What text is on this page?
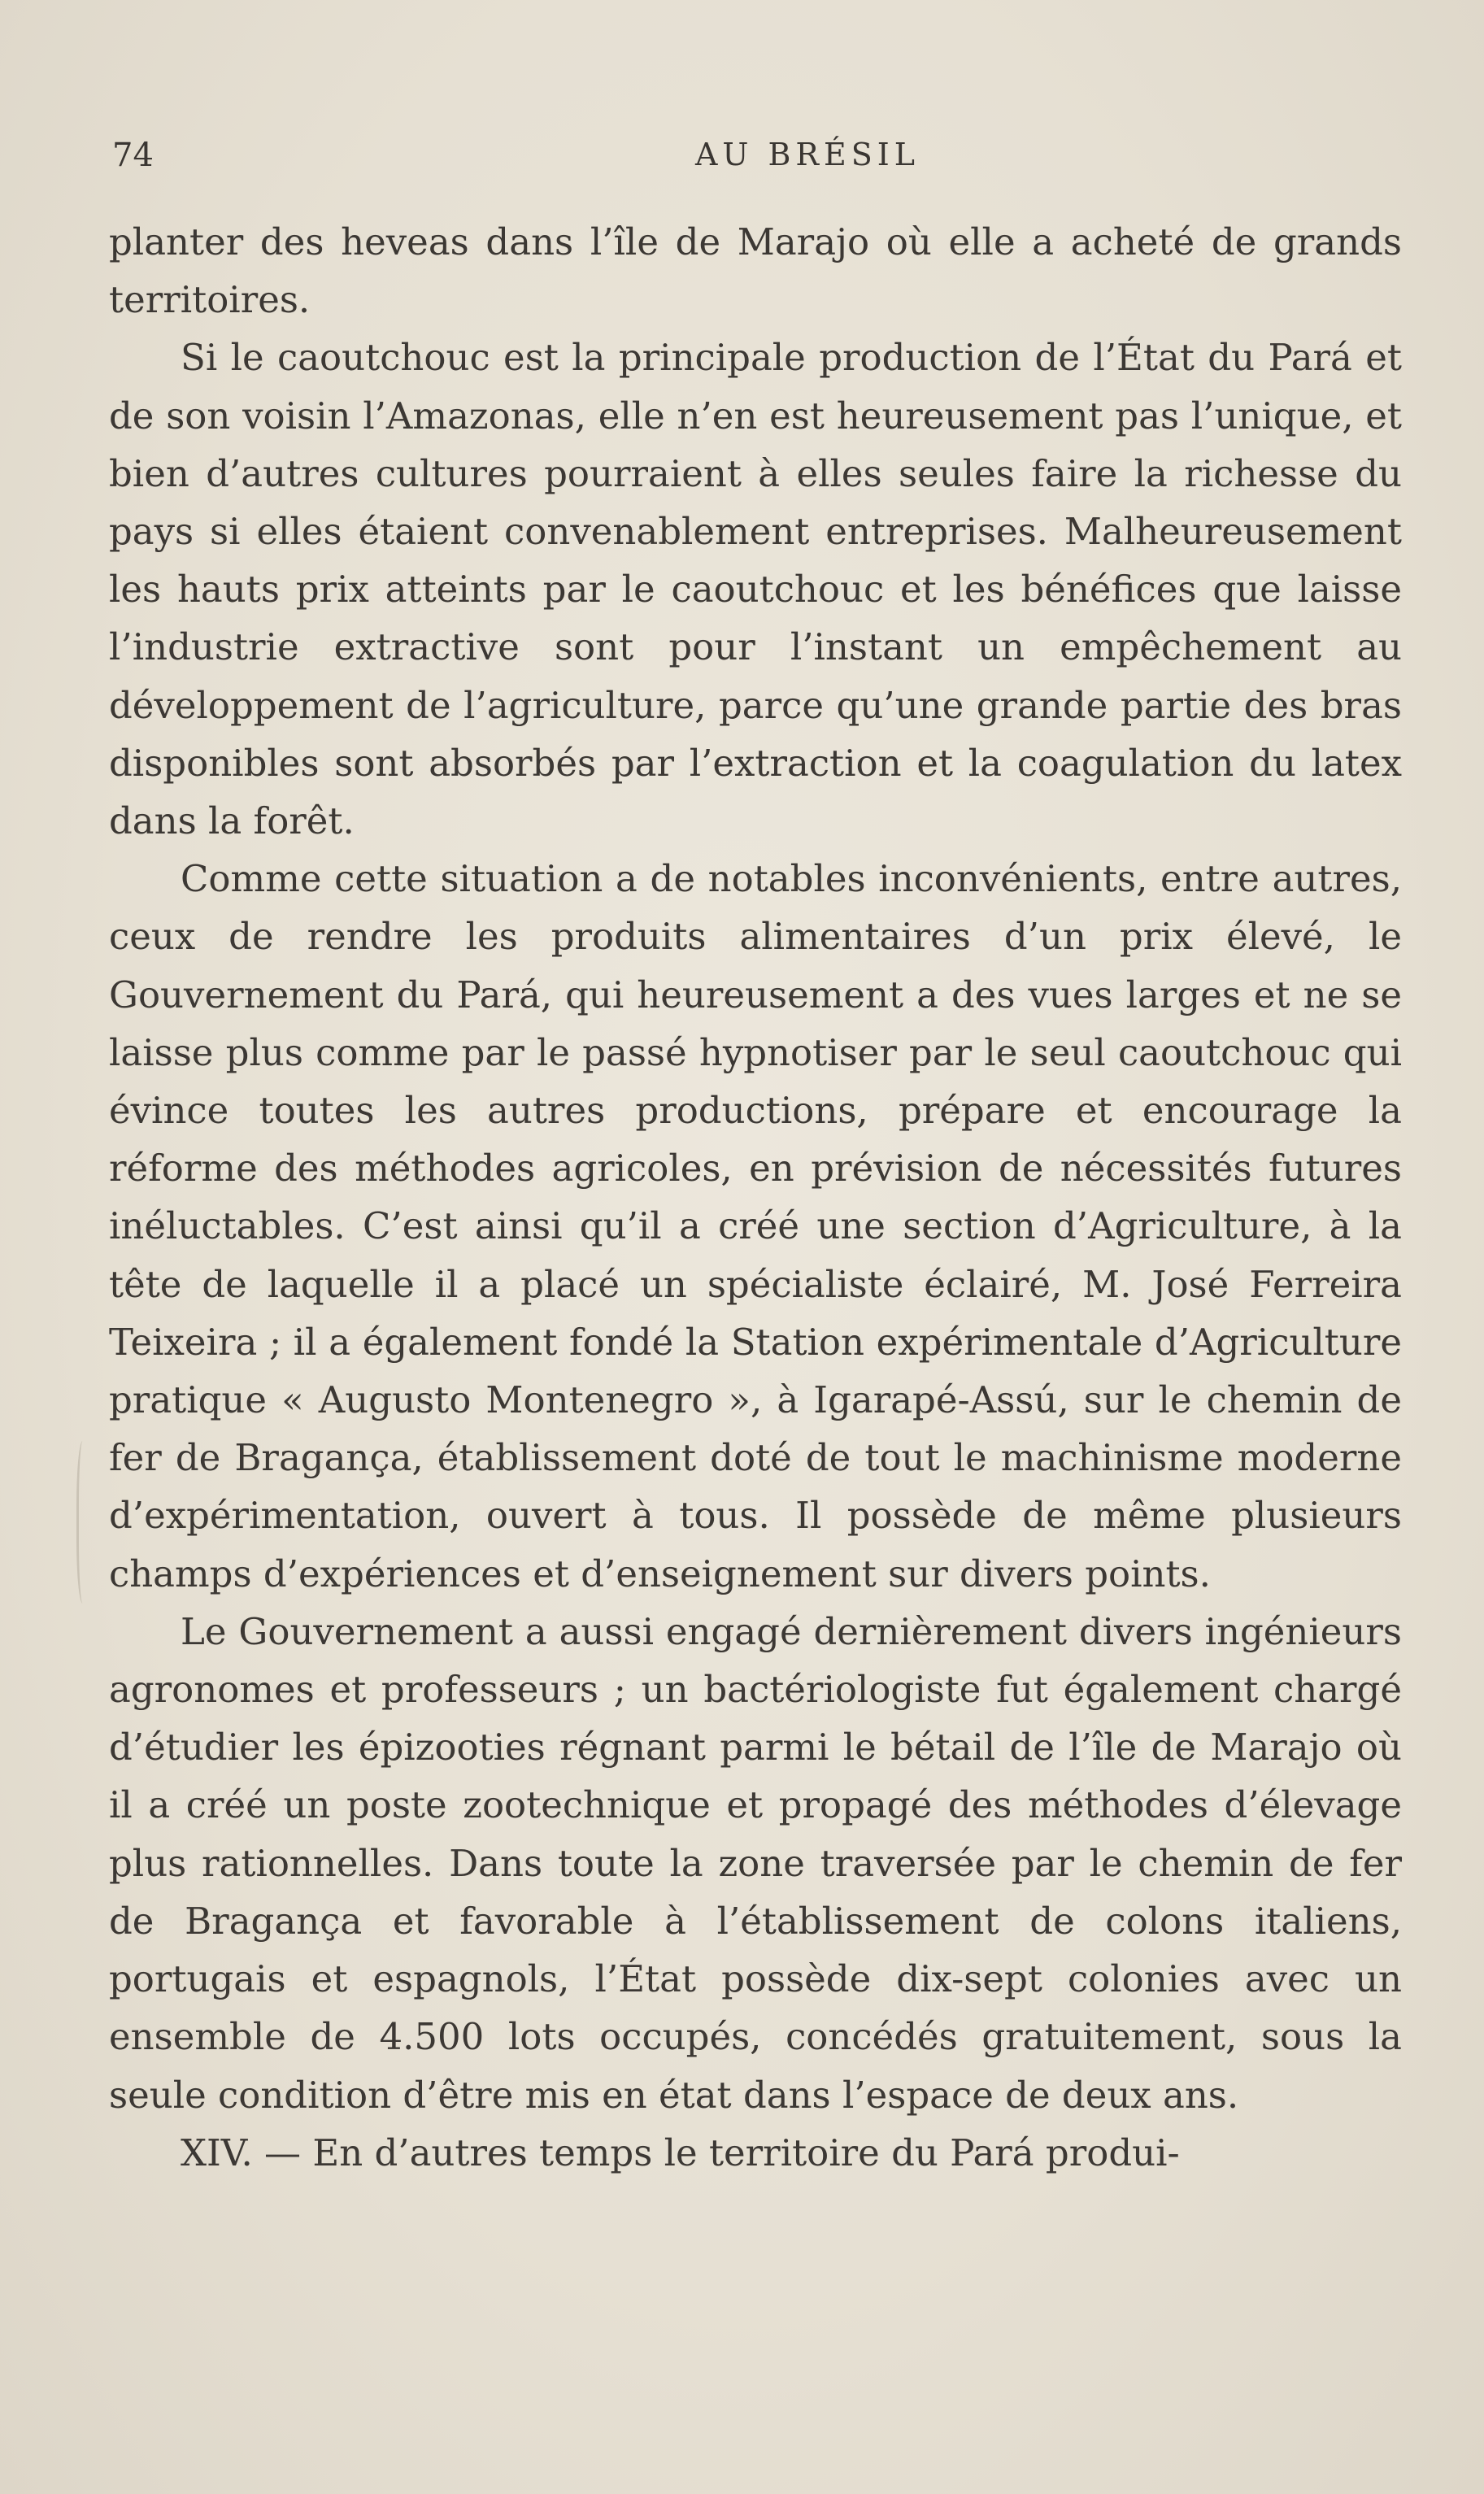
74	AU BRÉSIL

planter des heveas dans l’île de Marajo où elle a acheté de grands territoires.

Si le caoutchouc est la principale production de l’État du Pará et de son voisin l’Amazonas, elle n’en est heureusement pas l’unique, et bien d’autres cultures pourraient à elles seules faire la richesse du pays si elles étaient convenablement entreprises. Malheureusement les hauts prix atteints par le caoutchouc et les bénéfices que laisse l’industrie extractive sont pour l’instant un empêchement au développement de l’agriculture, parce qu’une grande partie des bras disponibles sont absorbés par l’extraction et la coagulation du latex dans la forêt.

Comme cette situation a de notables inconvénients, entre autres, ceux de rendre les produits alimentaires d’un prix élevé, le Gouvernement du Pará, qui heureusement a des vues larges et ne se laisse plus comme par le passé hypnotiser par le seul caoutchouc qui évince toutes les autres productions, prépare et encourage la réforme des méthodes agricoles, en prévision de nécessités futures inéluctables. C’est ainsi qu’il a créé une section d’Agriculture, à la tête de laquelle il a placé un spécialiste éclairé, M. José Ferreira Teixeira ; il a également fondé la Station expérimentale d’Agriculture pratique « Augusto Montenegro », à Igarapé-Assú, sur le chemin de fer de Bragança, établissement doté de tout le machinisme moderne d’expérimentation, ouvert à tous. Il possède de même plusieurs champs d’expériences et d’enseignement sur divers points.

Le Gouvernement a aussi engagé dernièrement divers ingénieurs agronomes et professeurs ; un bactériologiste fut également chargé d’étudier les épizooties régnant parmi le bétail de l’île de Marajo où il a créé un poste zootechnique et propagé des méthodes d’élevage plus rationnelles. Dans toute la zone traversée par le chemin de fer de Bragança et favorable à l’établissement de colons italiens, portugais et espagnols, l’État possède dix-sept colonies avec un ensemble de 4.500 lots occupés, concédés gratuitement, sous la seule condition d’être mis en état dans l’espace de deux ans.

XIV. — En d’autres temps le territoire du Pará produi-
